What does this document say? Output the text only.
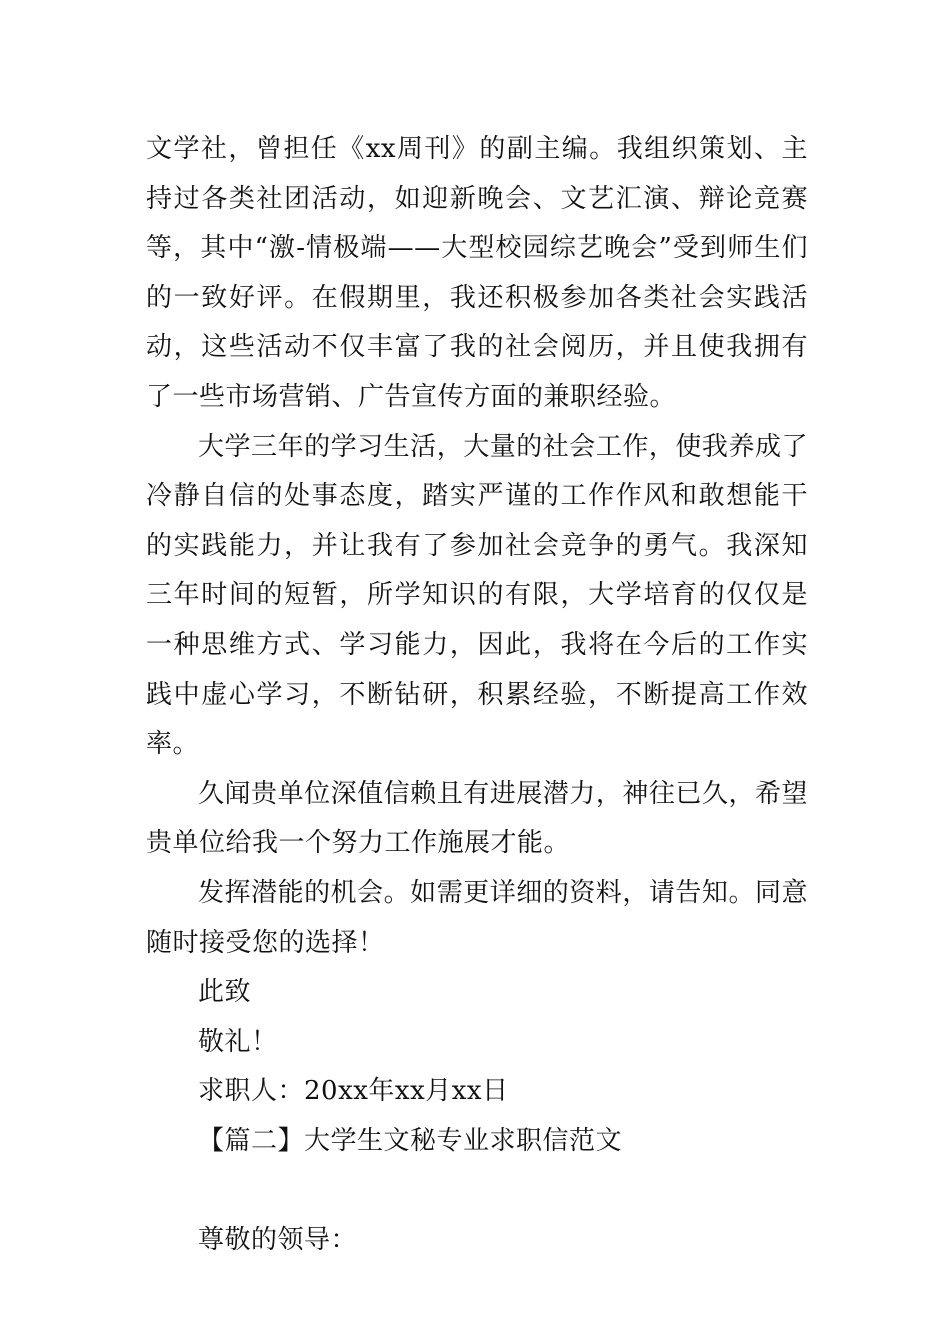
文学社，曾担任《xx周刊》的副主编。我组织策划、主持过各类社团活动，如迎新晚会、文艺汇演、辩论竞赛等，其中“激-情极端——大型校园综艺晚会”受到师生们的一致好评。在假期里，我还积极参加各类社会实践活动，这些活动不仅丰富了我的社会阅历，并且使我拥有了一些市场营销、广告宣传方面的兼职经验。

大学三年的学习生活，大量的社会工作，使我养成了冷静自信的处事态度，踏实严谨的工作作风和敢想能干的实践能力，并让我有了参加社会竞争的勇气。我深知三年时间的短暂，所学知识的有限，大学培育的仅仅是一种思维方式、学习能力，因此，我将在今后的工作实践中虚心学习，不断钻研，积累经验，不断提高工作效率。

久闻贵单位深值信赖且有进展潜力，神往已久，希望贵单位给我一个努力工作施展才能。

发挥潜能的机会。如需更详细的资料，请告知。同意随时接受您的选择！

此致

敬礼！

求职人：20xx年xx月xx日

【篇二】大学生文秘专业求职信范文

尊敬的领导：
